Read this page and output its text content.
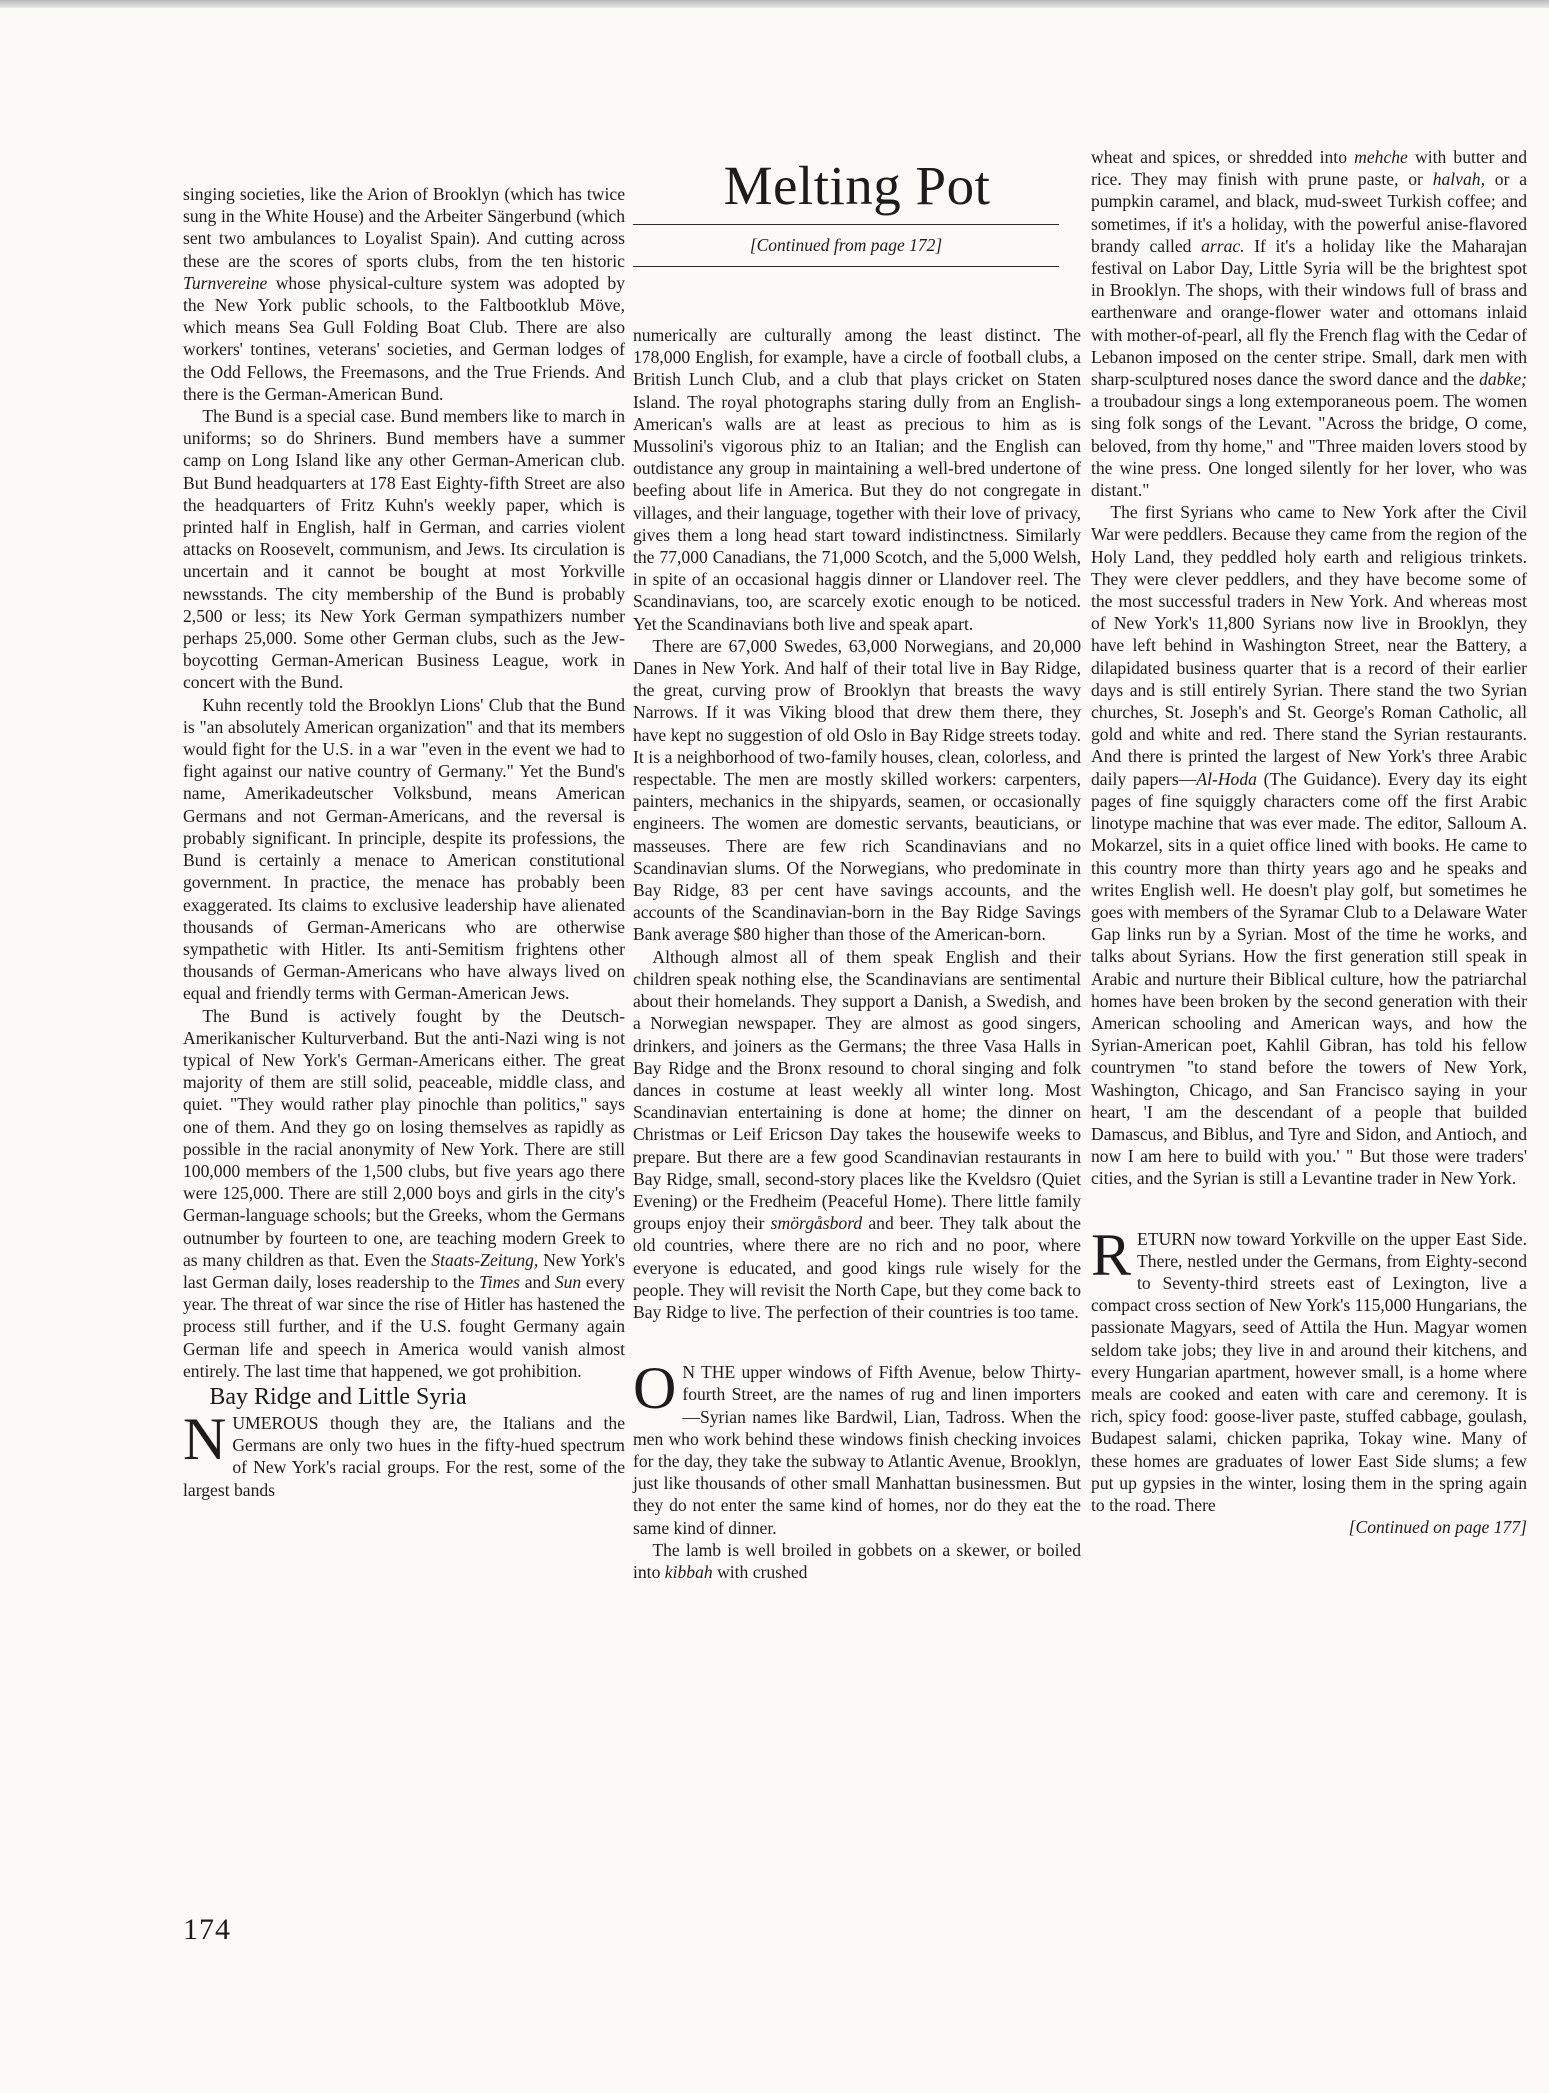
singing societies, like the Arion of Brooklyn (which has twice sung in the White House) and the Arbeiter Sängerbund (which sent two ambulances to Loyalist Spain). And cutting across these are the scores of sports clubs, from the ten historic Turnvereine whose physical-culture system was adopted by the New York public schools, to the Faltbootklub Möve, which means Sea Gull Folding Boat Club. There are also workers' tontines, veterans' societies, and German lodges of the Odd Fellows, the Freemasons, and the True Friends. And there is the German-American Bund.

The Bund is a special case. Bund members like to march in uniforms; so do Shriners. Bund members have a summer camp on Long Island like any other German-American club. But Bund headquarters at 178 East Eighty-fifth Street are also the headquarters of Fritz Kuhn's weekly paper, which is printed half in English, half in German, and carries violent attacks on Roosevelt, communism, and Jews. Its circulation is uncertain and it cannot be bought at most Yorkville newsstands. The city membership of the Bund is probably 2,500 or less; its New York German sympathizers number perhaps 25,000. Some other German clubs, such as the Jew-boycotting German-American Business League, work in concert with the Bund.

Kuhn recently told the Brooklyn Lions' Club that the Bund is "an absolutely American organization" and that its members would fight for the U.S. in a war "even in the event we had to fight against our native country of Germany." Yet the Bund's name, Amerikadeutscher Volksbund, means American Germans and not German-Americans, and the reversal is probably significant. In principle, despite its professions, the Bund is certainly a menace to American constitutional government. In practice, the menace has probably been exaggerated. Its claims to exclusive leadership have alienated thousands of German-Americans who are otherwise sympathetic with Hitler. Its anti-Semitism frightens other thousands of German-Americans who have always lived on equal and friendly terms with German-American Jews.

The Bund is actively fought by the Deutsch-Amerikanischer Kulturverband. But the anti-Nazi wing is not typical of New York's German-Americans either. The great majority of them are still solid, peaceable, middle class, and quiet. "They would rather play pinochle than politics," says one of them. And they go on losing themselves as rapidly as possible in the racial anonymity of New York. There are still 100,000 members of the 1,500 clubs, but five years ago there were 125,000. There are still 2,000 boys and girls in the city's German-language schools; but the Greeks, whom the Germans outnumber by fourteen to one, are teaching modern Greek to as many children as that. Even the Staats-Zeitung, New York's last German daily, loses readership to the Times and Sun every year. The threat of war since the rise of Hitler has hastened the process still further, and if the U.S. fought Germany again German life and speech in America would vanish almost entirely. The last time that happened, we got prohibition.

Bay Ridge and Little Syria

NUMEROUS though they are, the Italians and the Germans are only two hues in the fifty-hued spectrum of New York's racial groups. For the rest, some of the largest bands

Melting Pot
[Continued from page 172]

numerically are culturally among the least distinct. The 178,000 English, for example, have a circle of football clubs, a British Lunch Club, and a club that plays cricket on Staten Island. The royal photographs staring dully from an English-American's walls are at least as precious to him as is Mussolini's vigorous phiz to an Italian; and the English can outdistance any group in maintaining a well-bred undertone of beefing about life in America. But they do not congregate in villages, and their language, together with their love of privacy, gives them a long head start toward indistinctness. Similarly the 77,000 Canadians, the 71,000 Scotch, and the 5,000 Welsh, in spite of an occasional haggis dinner or Llandover reel. The Scandinavians, too, are scarcely exotic enough to be noticed. Yet the Scandinavians both live and speak apart.

There are 67,000 Swedes, 63,000 Norwegians, and 20,000 Danes in New York. And half of their total live in Bay Ridge, the great, curving prow of Brooklyn that breasts the wavy Narrows. If it was Viking blood that drew them there, they have kept no suggestion of old Oslo in Bay Ridge streets today. It is a neighborhood of two-family houses, clean, colorless, and respectable. The men are mostly skilled workers: carpenters, painters, mechanics in the shipyards, seamen, or occasionally engineers. The women are domestic servants, beauticians, or masseuses. There are few rich Scandinavians and no Scandinavian slums. Of the Norwegians, who predominate in Bay Ridge, 83 per cent have savings accounts, and the accounts of the Scandinavian-born in the Bay Ridge Savings Bank average $80 higher than those of the American-born.

Although almost all of them speak English and their children speak nothing else, the Scandinavians are sentimental about their homelands. They support a Danish, a Swedish, and a Norwegian newspaper. They are almost as good singers, drinkers, and joiners as the Germans; the three Vasa Halls in Bay Ridge and the Bronx resound to choral singing and folk dances in costume at least weekly all winter long. Most Scandinavian entertaining is done at home; the dinner on Christmas or Leif Ericson Day takes the housewife weeks to prepare. But there are a few good Scandinavian restaurants in Bay Ridge, small, second-story places like the Kveldsro (Quiet Evening) or the Fredheim (Peaceful Home). There little family groups enjoy their smörgåsbord and beer. They talk about the old countries, where there are no rich and no poor, where everyone is educated, and good kings rule wisely for the people. They will revisit the North Cape, but they come back to Bay Ridge to live. The perfection of their countries is too tame.

O N THE upper windows of Fifth Avenue, below Thirty-fourth Street, are the names of rug and linen importers—Syrian names like Bardwil, Lian, Tadross. When the men who work behind these windows finish checking invoices for the day, they take the subway to Atlantic Avenue, Brooklyn, just like thousands of other small Manhattan businessmen. But they do not enter the same kind of homes, nor do they eat the same kind of dinner.

The lamb is well broiled in gobbets on a skewer, or boiled into kibbah with crushed

wheat and spices, or shredded into mehche with butter and rice. They may finish with prune paste, or halvah, or a pumpkin caramel, and black, mud-sweet Turkish coffee; and sometimes, if it's a holiday, with the powerful anise-flavored brandy called arrac. If it's a holiday like the Maharajan festival on Labor Day, Little Syria will be the brightest spot in Brooklyn. The shops, with their windows full of brass and earthenware and orange-flower water and ottomans inlaid with mother-of-pearl, all fly the French flag with the Cedar of Lebanon imposed on the center stripe. Small, dark men with sharp-sculptured noses dance the sword dance and the dabke; a troubadour sings a long extemporaneous poem. The women sing folk songs of the Levant. "Across the bridge, O come, beloved, from thy home," and "Three maiden lovers stood by the wine press. One longed silently for her lover, who was distant."

The first Syrians who came to New York after the Civil War were peddlers. Because they came from the region of the Holy Land, they peddled holy earth and religious trinkets. They were clever peddlers, and they have become some of the most successful traders in New York. And whereas most of New York's 11,800 Syrians now live in Brooklyn, they have left behind in Washington Street, near the Battery, a dilapidated business quarter that is a record of their earlier days and is still entirely Syrian. There stand the two Syrian churches, St. Joseph's and St. George's Roman Catholic, all gold and white and red. There stand the Syrian restaurants. And there is printed the largest of New York's three Arabic daily papers—Al-Hoda (The Guidance). Every day its eight pages of fine squiggly characters come off the first Arabic linotype machine that was ever made. The editor, Salloum A. Mokarzel, sits in a quiet office lined with books. He came to this country more than thirty years ago and he speaks and writes English well. He doesn't play golf, but sometimes he goes with members of the Syramar Club to a Delaware Water Gap links run by a Syrian. Most of the time he works, and talks about Syrians. How the first generation still speak in Arabic and nurture their Biblical culture, how the patriarchal homes have been broken by the second generation with their American schooling and American ways, and how the Syrian-American poet, Kahlil Gibran, has told his fellow countrymen "to stand before the towers of New York, Washington, Chicago, and San Francisco saying in your heart, 'I am the descendant of a people that builded Damascus, and Biblus, and Tyre and Sidon, and Antioch, and now I am here to build with you.' " But those were traders' cities, and the Syrian is still a Levantine trader in New York.

RETURN now toward Yorkville on the upper East Side. There, nestled under the Germans, from Eighty-second to Seventy-third streets east of Lexington, live a compact cross section of New York's 115,000 Hungarians, the passionate Magyars, seed of Attila the Hun. Magyar women seldom take jobs; they live in and around their kitchens, and every Hungarian apartment, however small, is a home where meals are cooked and eaten with care and ceremony. It is rich, spicy food: goose-liver paste, stuffed cabbage, goulash, Budapest salami, chicken paprika, Tokay wine. Many of these homes are graduates of lower East Side slums; a few put up gypsies in the winter, losing them in the spring again to the road. There

[Continued on page 177]

174
